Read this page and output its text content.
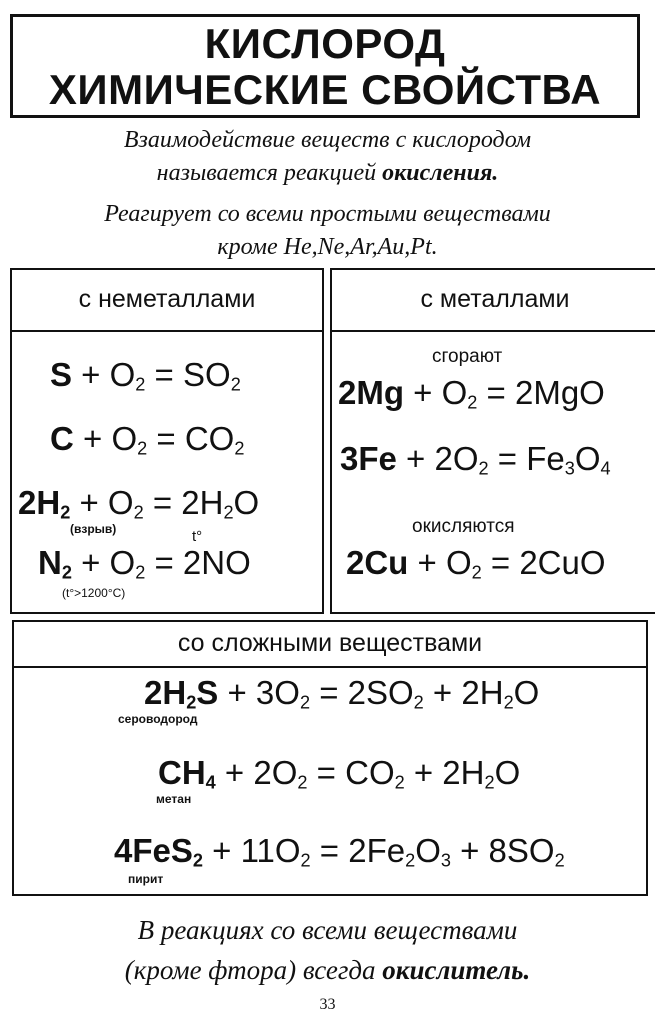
КИСЛОРОД
ХИМИЧЕСКИЕ СВОЙСТВА
Взаимодействие веществ с кислородом
называется реакцией окисления.
Реагирует со всеми простыми веществами
кроме He,Ne,Ar,Au,Pt.
с неметаллами
$S + O_2 = SO_2$
$C + O_2 = CO_2$
$2H_2 + O_2 = 2H_2O$
(взрыв)	t°
$N_2 + O_2 = 2NO$
(t°>1200°C)
с металлами
сгорают
$2Mg + O_2 = 2MgO$
$3Fe + 2O_2 = Fe_3O_4$
окисляются
$2Cu + O_2 = 2CuO$
со сложными веществами
$2H_2S + 3O_2 = 2SO_2 + 2H_2O$
сероводород
$CH_4 + 2O_2 = CO_2 + 2H_2O$
метан
$4FeS_2 + 11O_2 = 2Fe_2O_3 + 8SO_2$
пирит
В реакциях со всеми веществами
(кроме фтора) всегда окислитель.
33
